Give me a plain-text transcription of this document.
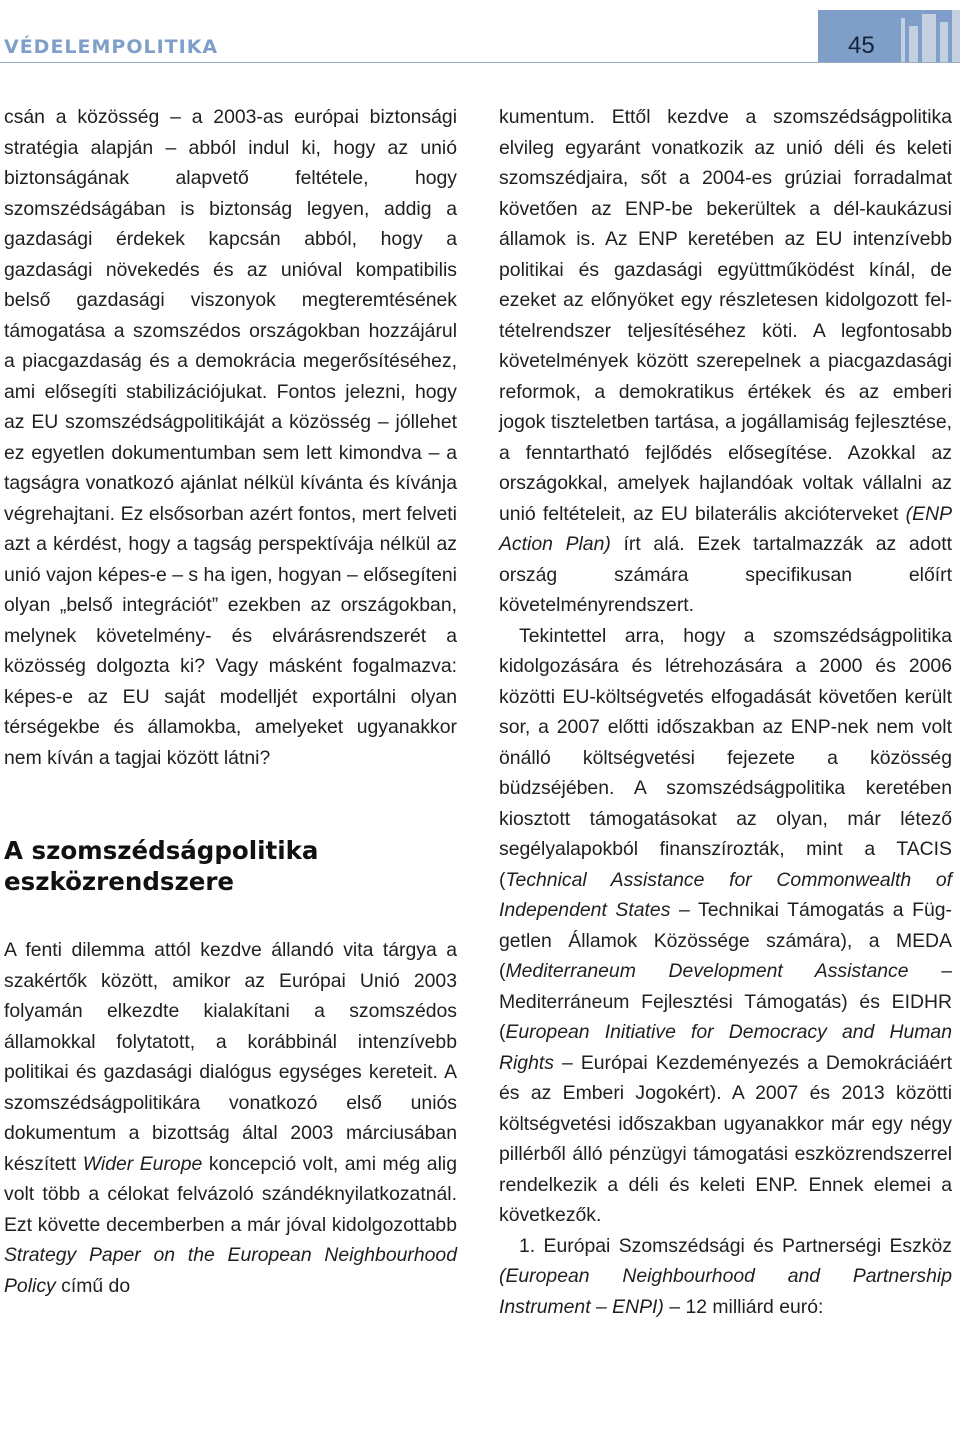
VÉDELEMPOLITIKA	45

csán a közösség – a 2003-as európai biztonsági stratégia alapján – abból indul ki, hogy az unió biztonságának alapvető feltétele, hogy szomszédságában is biztonság legyen, addig a gazdasági érdekek kapcsán abból, hogy a gazdasági növekedés és az unióval kompatibilis belső gazdasági viszonyok megteremtésének támogatása a szomszédos országokban hozzájárul a piacgazdaság és a demokrácia megerősítéséhez, ami elősegíti stabilizációjukat. Fontos jelezni, hogy az EU szomszédságpolitikáját a közösség – jóllehet ez egyetlen dokumentumban sem lett kimondva – a tagságra vonatkozó ajánlat nélkül kívánta és kívánja végrehajtani. Ez elsősorban azért fontos, mert felveti azt a kérdést, hogy a tagság perspektívája nélkül az unió vajon képes-e – s ha igen, hogyan – elősegíteni olyan „belső integrációt” ezekben az országokban, melynek követelmény- és elvárásrendszerét a közösség dolgozta ki? Vagy másként fogalmazva: képes-e az EU saját modelljét exportálni olyan térségekbe és államokba, amelyeket ugyanakkor nem kíván a tagjai között látni?

A szomszédságpolitika eszközrendszere

A fenti dilemma attól kezdve állandó vita tárgya a szakértők között, amikor az Európai Unió 2003 folyamán elkezdte kialakítani a szomszédos államokkal folytatott, a korábbinál intenzívebb politikai és gazdasági dialógus egységes kereteit. A szomszédságpolitikára vonatkozó első uniós dokumentum a bizottság által 2003 márciusában készített Wider Europe koncepció volt, ami még alig volt több a célokat felvázoló szándéknyilatkozatnál. Ezt követte decemberben a már jóval kidolgozottabb Strategy Paper on the European Neighbourhood Policy című do

kumentum. Ettől kezdve a szomszédságpolitika elvileg egyaránt vonatkozik az unió déli és keleti szomszédjaira, sőt a 2004-es grúziai forradalmat követően az ENP-be bekerültek a dél-kaukázusi államok is. Az ENP keretében az EU intenzívebb politikai és gazdasági együttműködést kínál, de ezeket az előnyöket egy részletesen kidolgozott feltételrendszer teljesítéséhez köti. A legfontosabb követelmények között szerepelnek a piacgazdasági reformok, a demokratikus értékek és az emberi jogok tiszteletben tartása, a jogállamiság fejlesztése, a fenntartható fejlődés elősegítése. Azokkal az országokkal, amelyek hajlandóak voltak vállalni az unió feltételeit, az EU bilaterális akcióterveket (ENP Action Plan) írt alá. Ezek tartalmazzák az adott ország számára specifikusan előírt követelményrendszert.

Tekintettel arra, hogy a szomszédságpolitika kidolgozására és létrehozására a 2000 és 2006 közötti EU-költségvetés elfogadását követően került sor, a 2007 előtti időszakban az ENP-nek nem volt önálló költségvetési fejezete a közösség büdzséjében. A szomszédságpolitika keretében kiosztott támogatásokat az olyan, már létező segélyalapokból finanszírozták, mint a TACIS (Technical Assistance for Commonwealth of Independent States – Technikai Támogatás a Független Államok Közössége számára), a MEDA (Mediterraneum Development Assistance – Mediterráneum Fejlesztési Támogatás) és EIDHR (European Initiative for Democracy and Human Rights – Európai Kezdeményezés a Demokráciáért és az Emberi Jogokért). A 2007 és 2013 közötti költségvetési időszakban ugyanakkor már egy négy pillérből álló pénzügyi támogatási eszközrendszerrel rendelkezik a déli és keleti ENP. Ennek elemei a következők.

1. Európai Szomszédsági és Partnerségi Eszköz (European Neighbourhood and Partnership Instrument – ENPI) – 12 milliárd euró:
